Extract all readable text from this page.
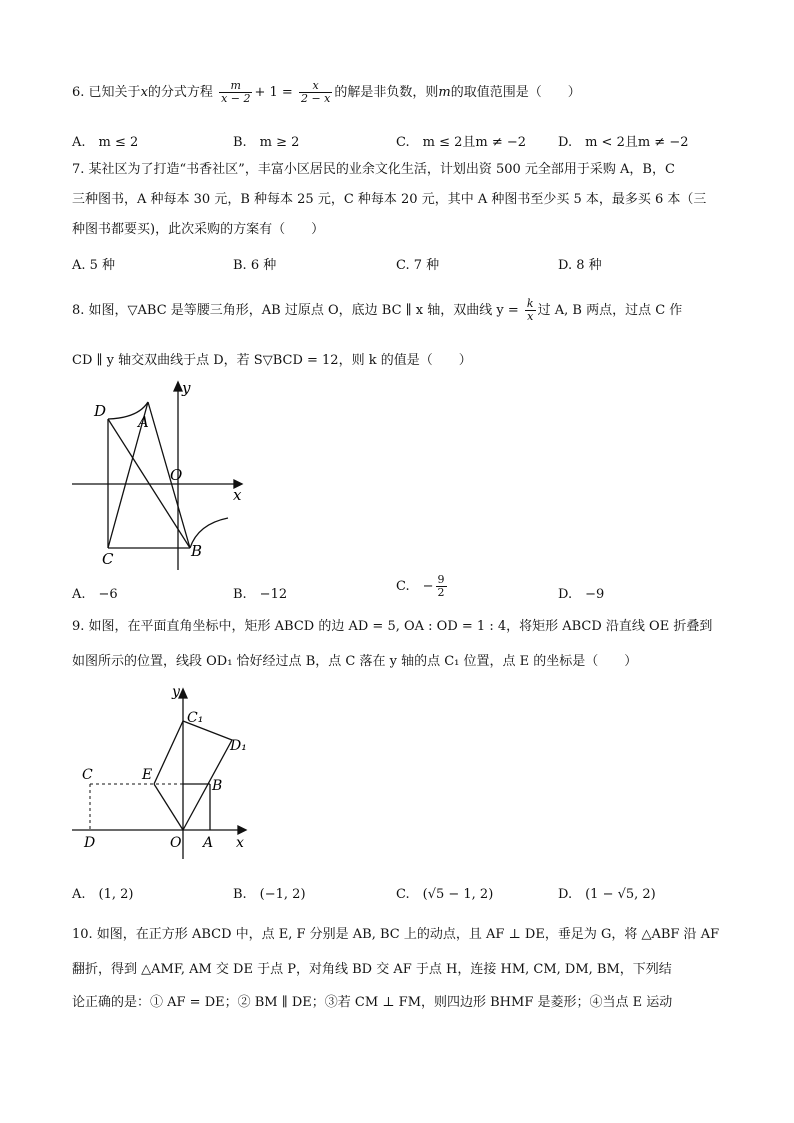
6. 已知关于x的分式方程 $\frac{m}{x - 2} + 1 = \frac{x}{2 - x}$ 的解是非负数，则m的取值范围是（　　）
A.　m ≤ 2	B.　m ≥ 2	C.　m ≤ 2且m ≠ −2 D.　m < 2且m ≠ −2
7. 某社区为了打造“书香社区”，丰富小区居民的业余文化生活，计划出资 500 元全部用于采购 A，B，C
三种图书，A 种每本 30 元，B 种每本 25 元，C 种每本 20 元，其中 A 种图书至少买 5 本，最多买 6 本（三
种图书都要买)，此次采购的方案有（　　）
A. 5 种	B. 6 种	C. 7 种	D. 8 种
8. 如图，▽ABC 是等腰三角形，AB 过原点 O，底边 BC ∥ x 轴，双曲线 $y = \frac{k}{x}$ 过 A, B 两点，过点 C 作
CD ∥ y 轴交双曲线于点 D，若 S▽BCD = 12，则 k 的值是（　　）
y
x
A
D
O
C	B
A.　−6	B.　−12
C.　− $\frac{9}{2}$	D.　−9
9. 如图，在平面直角坐标中，矩形 ABCD 的边 AD = 5, OA : OD = 1 : 4，将矩形 ABCD 沿直线 OE 折叠到
如图所示的位置，线段 OD₁ 恰好经过点 B，点 C 落在 y 轴的点 C₁ 位置，点 E 的坐标是（　　）
y
x
C₁
D₁
C	E
B
D	O A
A.　(1, 2)	B.　(−1, 2)	C.　(√5 − 1, 2)	D.　(1 − √5, 2)
10. 如图，在正方形 ABCD 中，点 E, F 分别是 AB, BC 上的动点，且 AF ⊥ DE，垂足为 G，将 △ABF 沿 AF
翻折，得到 △AMF, AM 交 DE 于点 P，对角线 BD 交 AF 于点 H，连接 HM, CM, DM, BM，下列结
论正确的是：① AF = DE；② BM ∥ DE；③若 CM ⊥ FM，则四边形 BHMF 是菱形；④当点 E 运动
